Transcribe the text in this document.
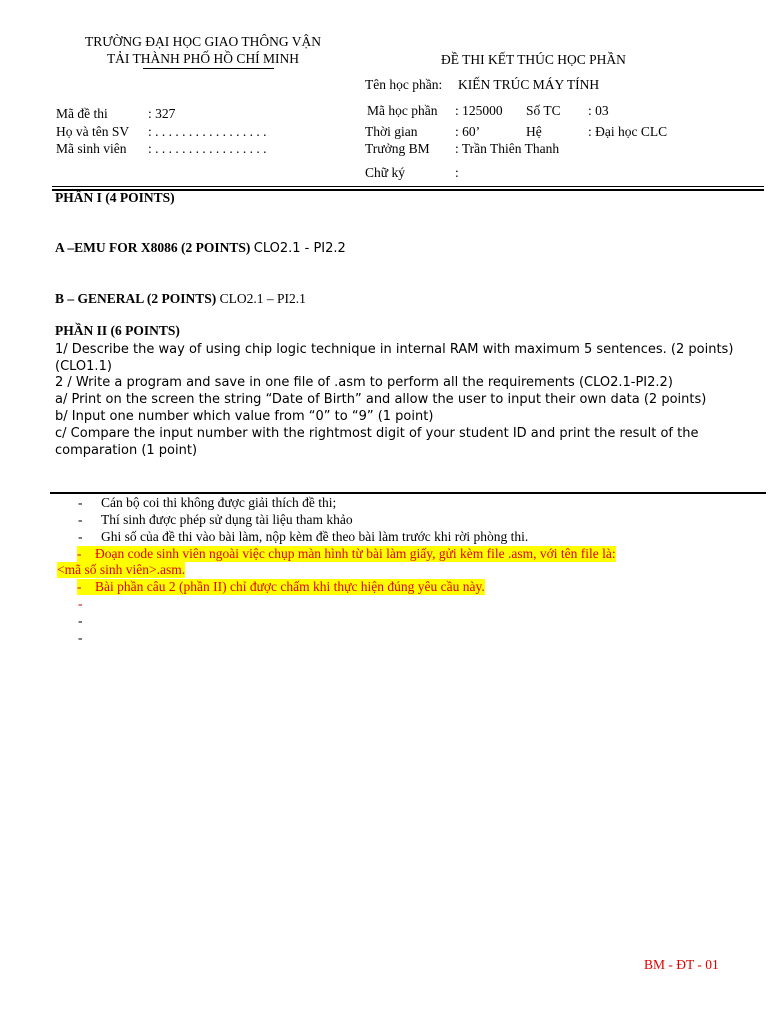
TRƯỜNG ĐẠI HỌC GIAO THÔNG VẬN
TẢI THÀNH PHỐ HỒ CHÍ MINH	ĐỀ THI KẾT THÚC HỌC PHẦN
Tên học phần: KIẾN TRÚC MÁY TÍNH
Mã đề thi	: 327
Họ và tên SV : . . . . . . . . . . . . . . . . .
Mã sinh viên : . . . . . . . . . . . . . . . . .
Mã học phần : 125000 Số TC : 03
Thời gian	: 60’	Hệ	: Đại học CLC
Trưởng BM : Trần Thiên Thanh
Chữ ký	:
PHẦN I (4 POINTS)
A –EMU FOR X8086 (2 POINTS) CLO2.1 - PI2.2
B – GENERAL (2 POINTS) CLO2.1 – PI2.1
PHẦN II (6 POINTS)
1/ Describe the way of using chip logic technique in internal RAM with maximum 5 sentences. (2 points)
(CLO1.1)
2 / Write a program and save in one file of .asm to perform all the requirements (CLO2.1-PI2.2)
a/ Print on the screen the string “Date of Birth” and allow the user to input their own data (2 points)
b/ Input one number which value from “0” to “9” (1 point)
c/ Compare the input number with the rightmost digit of your student ID and print the result of the
comparation (1 point)
- Cán bộ coi thi không được giải thích đề thi;
- Thí sinh được phép sử dụng tài liệu tham khảo
- Ghi số của đề thi vào bài làm, nộp kèm đề theo bài làm trước khi rời phòng thi.
- Đoạn code sinh viên ngoài việc chụp màn hình từ bài làm giấy, gửi kèm file .asm, với tên file là:
<mã số sinh viên>.asm.
- Bài phần câu 2 (phần II) chỉ được chấm khi thực hiện đúng yêu cầu này.
-
-
-
BM - ĐT - 01
